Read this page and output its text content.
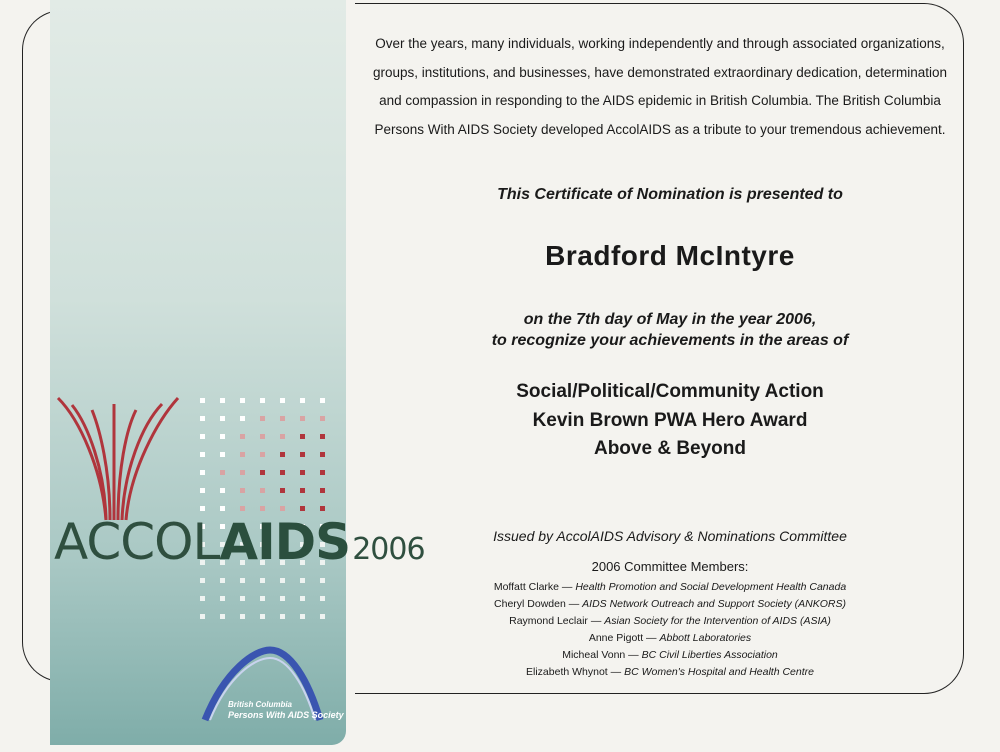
ACCOLAIDS2006
British Columbia
Persons With AIDS Society
Over the years, many individuals, working independently and through associated organizations,
groups, institutions, and businesses, have demonstrated extraordinary dedication, determination
and compassion in responding to the AIDS epidemic in British Columbia. The British Columbia
Persons With AIDS Society developed AccolAIDS as a tribute to your tremendous achievement.
This Certificate of Nomination is presented to
Bradford McIntyre
on the 7th day of May in the year 2006,
to recognize your achievements in the areas of
Social/Political/Community Action
Kevin Brown PWA Hero Award
Above & Beyond
Issued by AccolAIDS Advisory & Nominations Committee
2006 Committee Members:
Moffatt Clarke — Health Promotion and Social Development Health Canada
Cheryl Dowden — AIDS Network Outreach and Support Society (ANKORS)
Raymond Leclair — Asian Society for the Intervention of AIDS (ASIA)
Anne Pigott — Abbott Laboratories
Micheal Vonn — BC Civil Liberties Association
Elizabeth Whynot — BC Women's Hospital and Health Centre
